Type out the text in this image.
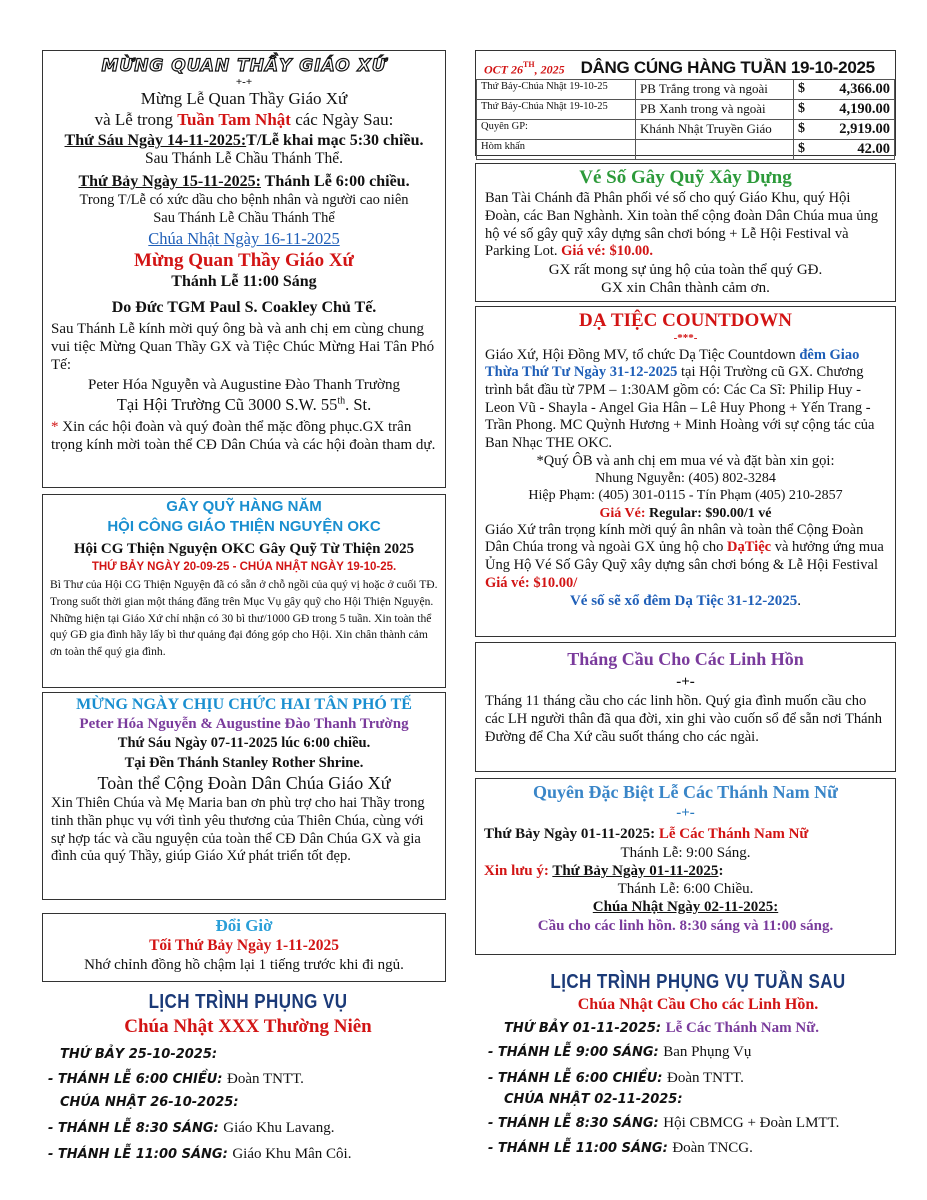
MỪNG QUAN THẦY GIÁO XỨ
+-+
Mừng Lễ Quan Thầy Giáo Xứ
và Lễ trong Tuần Tam Nhật các Ngày Sau:
Thứ Sáu Ngày 14-11-2025:T/Lễ khai mạc 5:30 chiều.
Sau Thánh Lễ Chầu Thánh Thể.
Thứ Bảy Ngày 15-11-2025: Thánh Lễ 6:00 chiều.
Trong T/Lễ có xức dầu cho bệnh nhân và người cao niên
Sau Thánh Lễ Chầu Thánh Thể
Chúa Nhật Ngày 16-11-2025
Mừng Quan Thầy Giáo Xứ
Thánh Lễ 11:00 Sáng
Do Đức TGM Paul S. Coakley Chủ Tế.
Sau Thánh Lễ kính mời quý ông bà và anh chị em cùng chung vui tiệc Mừng Quan Thầy GX và Tiệc Chúc Mừng Hai Tân Phó Tế:
Peter Hóa Nguyễn và Augustine Đào Thanh Trường
Tại Hội Trường Cũ 3000 S.W. 55th. St.
* Xin các hội đoàn và quý đoàn thể mặc đồng phục.GX trân trọng kính mời toàn thể CĐ Dân Chúa và các hội đoàn tham dự.
GÂY QUỸ HÀNG NĂM
HỘI CÔNG GIÁO THIỆN NGUYỆN OKC
Hội CG Thiện Nguyện OKC Gây Quỹ Từ Thiện 2025
THỨ BẢY NGÀY 20-09-25 - CHÚA NHẬT NGÀY 19-10-25.
Bì Thư của Hội CG Thiện Nguyện đã có sẵn ở chỗ ngồi của quý vị hoặc ở cuối TĐ. Trong suốt thời gian một tháng đăng trên Mục Vụ gây quỹ cho Hội Thiện Nguyện. Những hiện tại Giáo Xứ chỉ nhận có 30 bì thư/1000 GĐ trong 5 tuần. Xin toàn thể quý GĐ gia đình hãy lấy bì thư quảng đại đóng góp cho Hội. Xin chân thành cảm ơn toàn thể quý gia đình.
MỪNG NGÀY CHỊU CHỨC HAI TÂN PHÓ TẾ
Peter Hóa Nguyễn & Augustine Đào Thanh Trường
Thứ Sáu Ngày 07-11-2025 lúc 6:00 chiều.
Tại Đền Thánh Stanley Rother Shrine.
Toàn thể Cộng Đoàn Dân Chúa Giáo Xứ
Xin Thiên Chúa và Mẹ Maria ban ơn phù trợ cho hai Thầy trong tinh thần phục vụ với tình yêu thương của Thiên Chúa, cùng với sự hợp tác và cầu nguyện của toàn thể CĐ Dân Chúa GX và gia đình của quý Thầy, giúp Giáo Xứ phát triển tốt đẹp.
Đổi Giờ
Tối Thứ Bảy Ngày 1-11-2025
Nhớ chỉnh đồng hồ chậm lại 1 tiếng trước khi đi ngủ.
LỊCH TRÌNH PHỤNG VỤ
Chúa Nhật XXX Thường Niên
THỨ BẢY 25-10-2025:
- THÁNH LỄ 6:00 CHIỀU: Đoàn TNTT.
CHÚA NHẬT 26-10-2025:
- THÁNH LỄ 8:30 SÁNG: Giáo Khu Lavang.
- THÁNH LỄ 11:00 SÁNG: Giáo Khu Mân Côi.
OCT 26TH, 2025 DÂNG CÚNG HÀNG TUẦN 19-10-2025
Thứ Bảy-Chúa Nhật 19-10-25	PB Trắng trong và ngoài	$	4,366.00
Thứ Bảy-Chúa Nhật 19-10-25	PB Xanh trong và ngoài	$	4,190.00
Quyên GP:	Khánh Nhật Truyền Giáo	$	2,919.00
Hòm khấn		$	42.00
Vé Số Gây Quỹ Xây Dựng
Ban Tài Chánh đã Phân phối vé số cho quý Giáo Khu, quý Hội Đoàn, các Ban Nghành. Xin toàn thể cộng đoàn Dân Chúa mua ủng hộ vé số gây quỹ xây dựng sân chơi bóng + Lễ Hội Festival và Parking Lot. Giá vé: $10.00.
GX rất mong sự ủng hộ của toàn thể quý GĐ.
GX xin Chân thành cảm ơn.
DẠ TIỆC COUNTDOWN
-***-
Giáo Xứ, Hội Đồng MV, tổ chức Dạ Tiệc Countdown đêm Giao Thừa Thứ Tư Ngày 31-12-2025 tại Hội Trường cũ GX. Chương trình bắt đầu từ 7PM – 1:30AM gồm có: Các Ca Sĩ: Philip Huy - Leon Vũ - Shayla - Angel Gia Hân – Lê Huy Phong + Yến Trang - Trần Phong. MC Quỳnh Hương + Minh Hoàng với sự cộng tác của Ban Nhạc THE OKC.
*Quý ÔB và anh chị em mua vé và đặt bàn xin gọi:
Nhung Nguyễn: (405) 802-3284
Hiệp Phạm: (405) 301-0115 - Tín Phạm (405) 210-2857
Giá Vé: Regular: $90.00/1 vé
Giáo Xứ trân trọng kính mời quý ân nhân và toàn thể Cộng Đoàn Dân Chúa trong và ngoài GX ủng hộ cho DạTiệc và hưởng ứng mua Ủng Hộ Vé Số Gây Quỹ xây dựng sân chơi bóng & Lễ Hội Festival Giá vé: $10.00/
Vé số sẽ xổ đêm Dạ Tiệc 31-12-2025.
Tháng Cầu Cho Các Linh Hồn
-+-
Tháng 11 tháng cầu cho các linh hồn. Quý gia đình muốn cầu cho các LH người thân đã qua đời, xin ghi vào cuốn sổ để sẵn nơi Thánh Đường để Cha Xứ cầu suốt tháng cho các ngài.
Quyên Đặc Biệt Lễ Các Thánh Nam Nữ
-+-
Thứ Bảy Ngày 01-11-2025: Lễ Các Thánh Nam Nữ
Thánh Lễ: 9:00 Sáng.
Xin lưu ý: Thứ Bảy Ngày 01-11-2025:
Thánh Lễ: 6:00 Chiều.
Chúa Nhật Ngày 02-11-2025:
Cầu cho các linh hồn. 8:30 sáng và 11:00 sáng.
LỊCH TRÌNH PHỤNG VỤ TUẦN SAU
Chúa Nhật Cầu Cho các Linh Hồn.
THỨ BẢY 01-11-2025: Lễ Các Thánh Nam Nữ.
- THÁNH LỄ 9:00 SÁNG: Ban Phụng Vụ
- THÁNH LỄ 6:00 CHIỀU: Đoàn TNTT.
CHÚA NHẬT 02-11-2025:
- THÁNH LỄ 8:30 SÁNG: Hội CBMCG + Đoàn LMTT.
- THÁNH LỄ 11:00 SÁNG: Đoàn TNCG.
